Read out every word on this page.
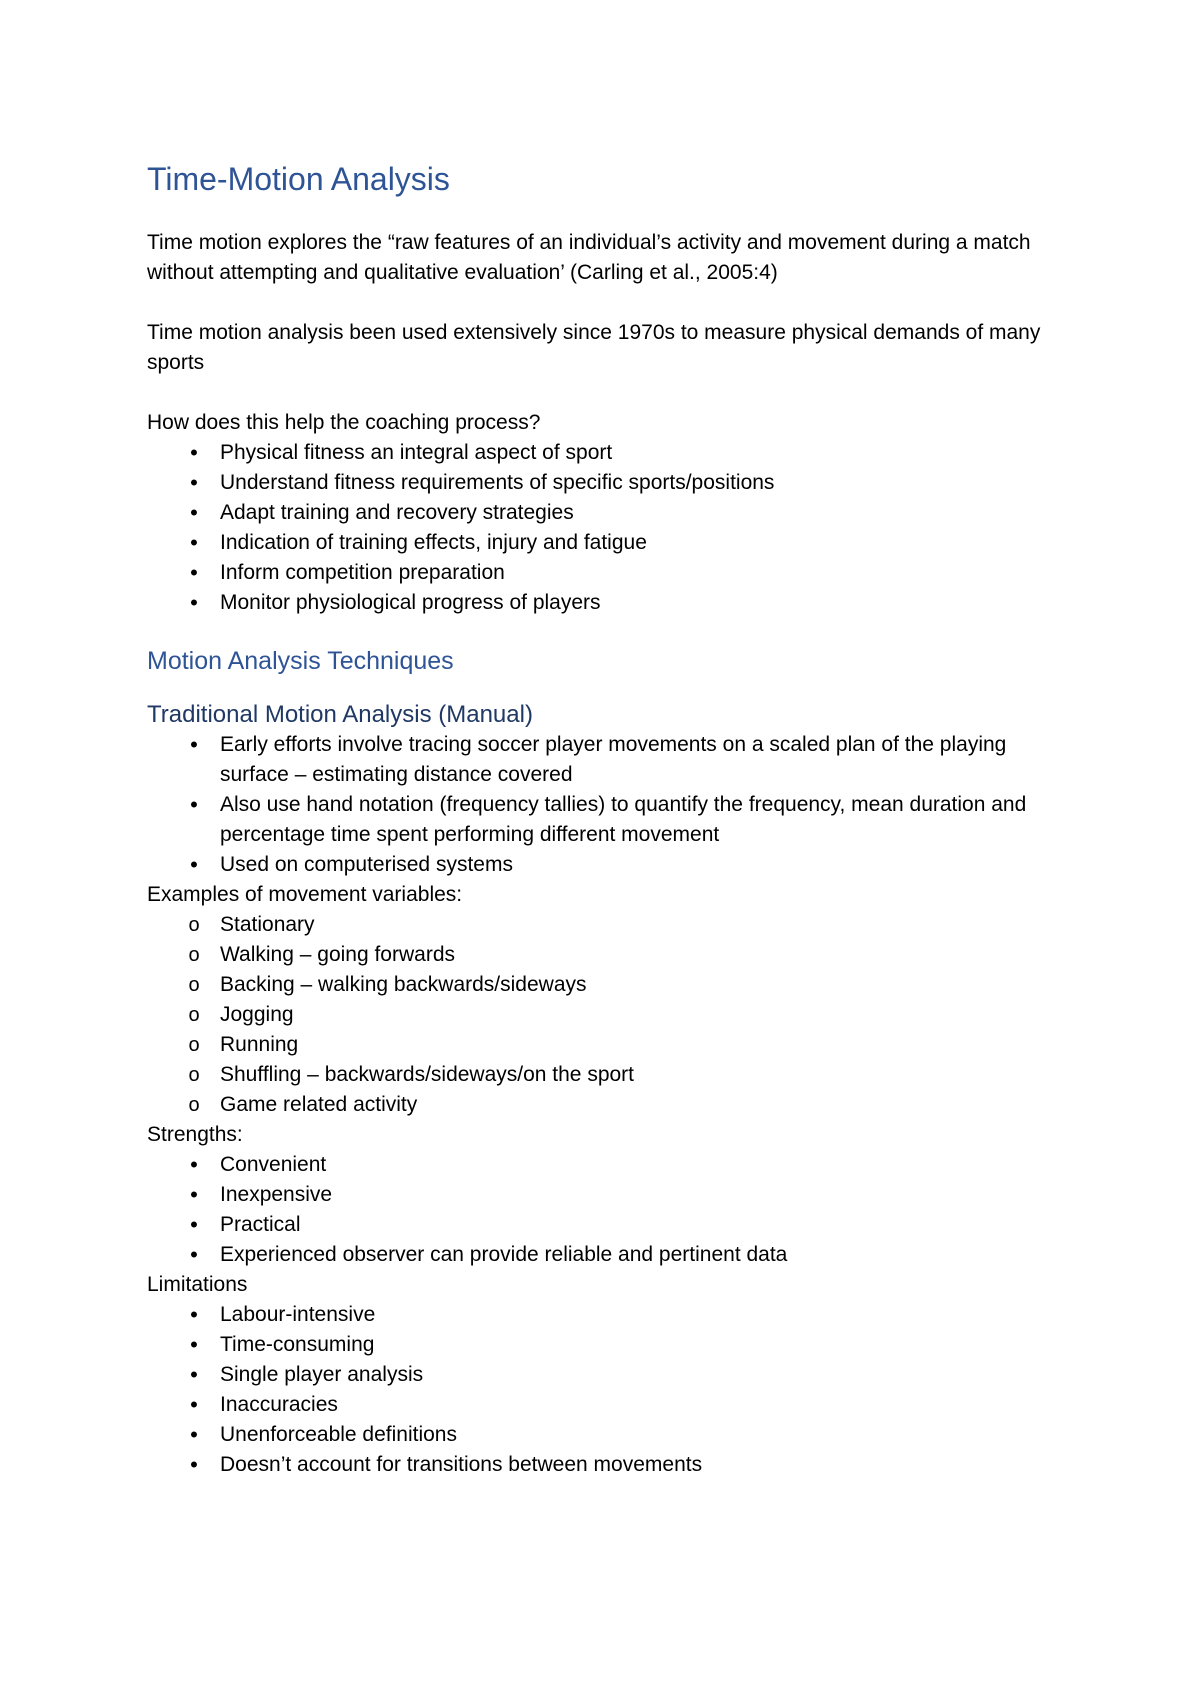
Time-Motion Analysis

Time motion explores the “raw features of an individual’s activity and movement during a match without attempting and qualitative evaluation’ (Carling et al., 2005:4)

Time motion analysis been used extensively since 1970s to measure physical demands of many sports

How does this help the coaching process?

•
Physical fitness an integral aspect of sport
•
Understand fitness requirements of specific sports/positions
•
Adapt training and recovery strategies
•
Indication of training effects, injury and fatigue
•
Inform competition preparation
•
Monitor physiological progress of players
Motion Analysis Techniques
Traditional Motion Analysis (Manual)
•
Early efforts involve tracing soccer player movements on a scaled plan of the playing surface – estimating distance covered
•
Also use hand notation (frequency tallies) to quantify the frequency, mean duration and percentage time spent performing different movement
•
Used on computerised systems

Examples of movement variables:

o
Stationary
o
Walking – going forwards
o
Backing – walking backwards/sideways
o
Jogging
o
Running
o
Shuffling – backwards/sideways/on the sport
o
Game related activity

Strengths:

•
Convenient
•
Inexpensive
•
Practical
•
Experienced observer can provide reliable and pertinent data

Limitations

•
Labour-intensive
•
Time-consuming
•
Single player analysis
•
Inaccuracies
•
Unenforceable definitions
•
Doesn’t account for transitions between movements
